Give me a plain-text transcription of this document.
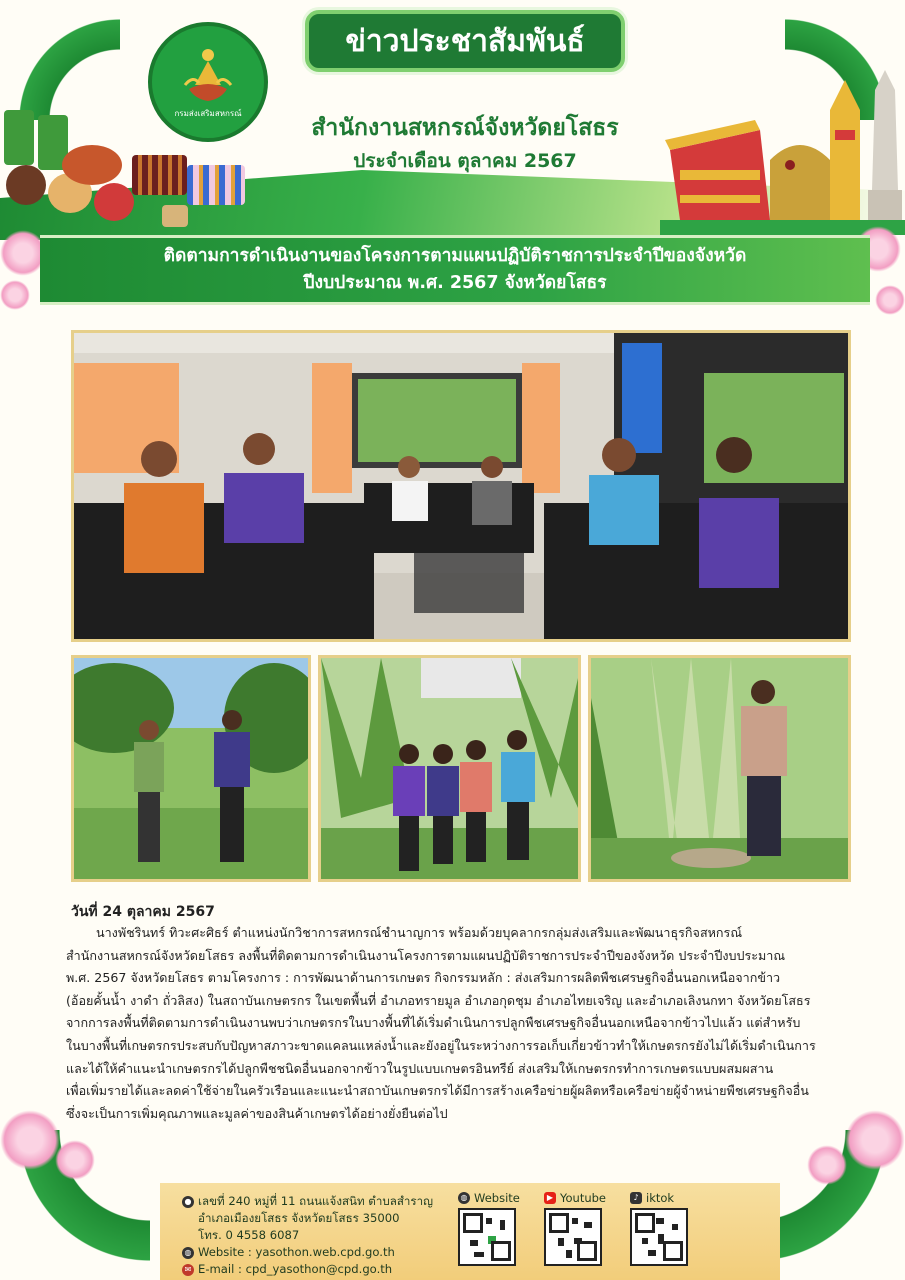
กรมส่งเสริมสหกรณ์
ข่าวประชาสัมพันธ์
สำนักงานสหกรณ์จังหวัดยโสธร
ประจำเดือน ตุลาคม 2567
ติดตามการดำเนินงานของโครงการตามแผนปฏิบัติราชการประจำปีของจังหวัด
ปีงบประมาณ พ.ศ. 2567 จังหวัดยโสธร
วันที่ 24 ตุลาคม 2567

นางพัชรินทร์ ทิวะศะศิธร์ ตำแหน่งนักวิชาการสหกรณ์ชำนาญการ พร้อมด้วยบุคลากรกลุ่มส่งเสริมและพัฒนาธุรกิจสหกรณ์

สำนักงานสหกรณ์จังหวัดยโสธร ลงพื้นที่ติดตามการดำเนินงานโครงการตามแผนปฏิบัติราชการประจำปีของจังหวัด ประจำปีงบประมาณ

พ.ศ. 2567 จังหวัดยโสธร ตามโครงการ : การพัฒนาด้านการเกษตร กิจกรรมหลัก : ส่งเสริมการผลิตพืชเศรษฐกิจอื่นนอกเหนือจากข้าว

(อ้อยคั้นน้ำ งาดำ ถั่วลิสง) ในสถาบันเกษตรกร ในเขตพื้นที่ อำเภอทรายมูล อำเภอกุดชุม อำเภอไทยเจริญ และอำเภอเลิงนกทา จังหวัดยโสธร

จากการลงพื้นที่ติดตามการดำเนินงานพบว่าเกษตรกรในบางพื้นที่ได้เริ่มดำเนินการปลูกพืชเศรษฐกิจอื่นนอกเหนือจากข้าวไปแล้ว แต่สำหรับ

ในบางพื้นที่เกษตรกรประสบกับปัญหาสภาวะขาดแคลนแหล่งน้ำและยังอยู่ในระหว่างการรอเก็บเกี่ยวข้าวทำให้เกษตรกรยังไม่ได้เริ่มดำเนินการ

และได้ให้คำแนะนำเกษตรกรได้ปลูกพืชชนิดอื่นนอกจากข้าวในรูปแบบเกษตรอินทรีย์ ส่งเสริมให้เกษตรกรทำการเกษตรแบบผสมผสาน

เพื่อเพิ่มรายได้และลดค่าใช้จ่ายในครัวเรือนและแนะนำสถาบันเกษตรกรได้มีการสร้างเครือข่ายผู้ผลิตหรือเครือข่ายผู้จำหน่ายพืชเศรษฐกิจอื่น

ซึ่งจะเป็นการเพิ่มคุณภาพและมูลค่าของสินค้าเกษตรได้อย่างยั่งยืนต่อไป

● เลขที่ 240 หมู่ที่ 11 ถนนแจ้งสนิท ตำบลสำราญ
อำเภอเมืองยโสธร จังหวัดยโสธร 35000
โทร. 0 4558 6087
◍ Website : yasothon.web.cpd.go.th
✉ E-mail : cpd_yasothon@cpd.go.th
◍ Website	▶ Youtube	♪ iktok
